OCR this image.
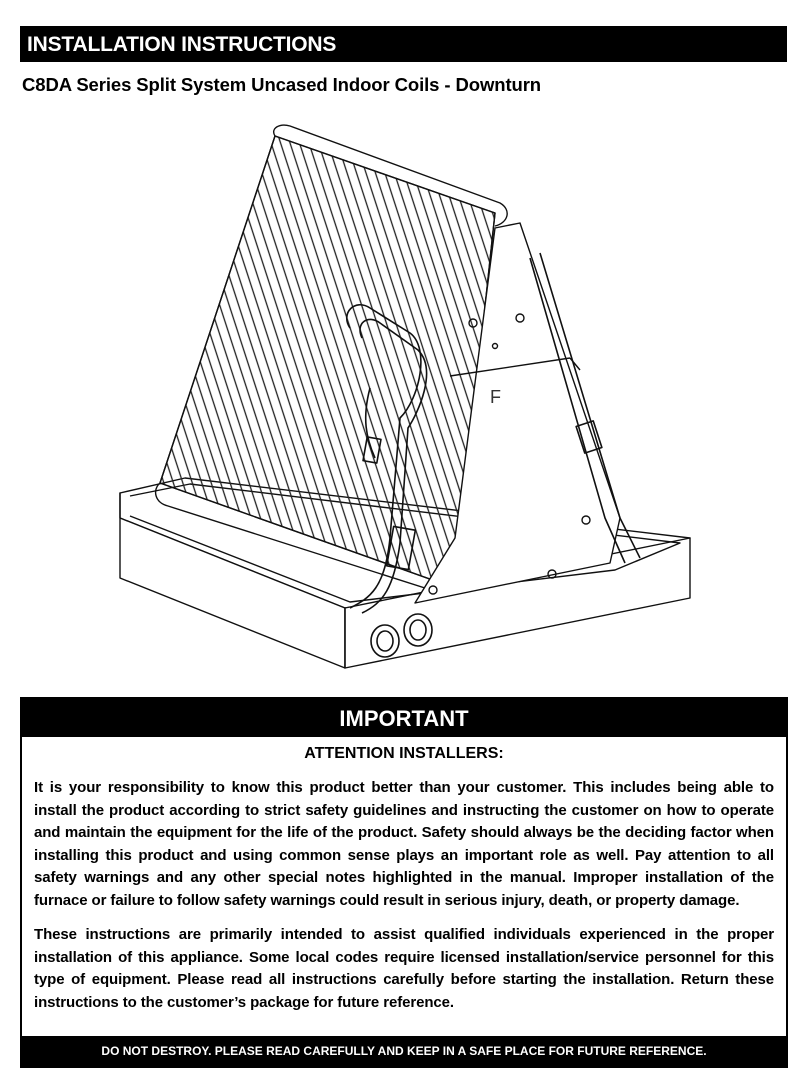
INSTALLATION INSTRUCTIONS
C8DA Series Split System Uncased Indoor Coils - Downturn
F
IMPORTANT
ATTENTION INSTALLERS:

It is your responsibility to know this product better than your customer. This includes being able to install the product according to strict safety guidelines and instructing the customer on how to operate and maintain the equipment for the life of the product. Safety should always be the deciding factor when installing this product and using common sense plays an important role as well. Pay attention to all safety warnings and any other special notes highlighted in the manual. Improper installation of the furnace or failure to follow safety warnings could result in serious injury, death, or property damage.

These instructions are primarily intended to assist qualified individuals experienced in the proper installation of this appliance. Some local codes require licensed installation/service personnel for this type of equipment. Please read all instructions carefully before starting the installation. Return these instructions to the customer’s package for future reference.

DO NOT DESTROY. PLEASE READ CAREFULLY AND KEEP IN A SAFE PLACE FOR FUTURE REFERENCE.
